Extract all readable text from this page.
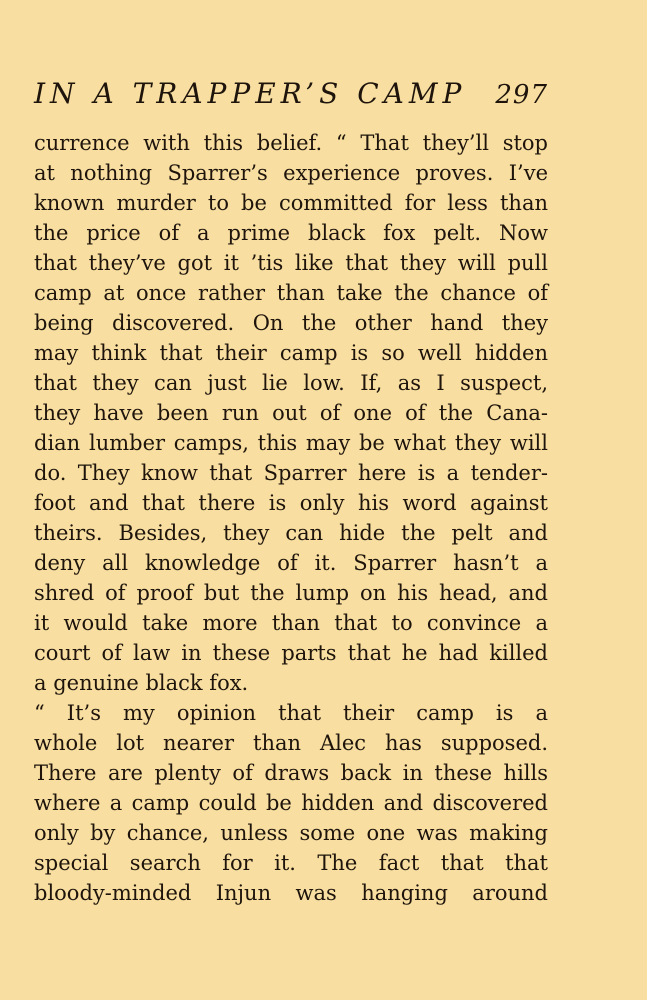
IN A TRAPPER’S CAMP 297
currence with this belief. “ That they’ll stop
at nothing Sparrer’s experience proves. I’ve
known murder to be committed for less than
the price of a prime black fox pelt. Now
that they’ve got it ’tis like that they will pull
camp at once rather than take the chance of
being discovered. On the other hand they
may think that their camp is so well hidden
that they can just lie low. If, as I suspect,
they have been run out of one of the Cana-
dian lumber camps, this may be what they will
do. They know that Sparrer here is a tender-
foot and that there is only his word against
theirs. Besides, they can hide the pelt and
deny all knowledge of it. Sparrer hasn’t a
shred of proof but the lump on his head, and
it would take more than that to convince a
court of law in these parts that he had killed
a genuine black fox.
“ It’s my opinion that their camp is a
whole lot nearer than Alec has supposed.
There are plenty of draws back in these hills
where a camp could be hidden and discovered
only by chance, unless some one was making
special search for it. The fact that that
bloody-minded Injun was hanging around
